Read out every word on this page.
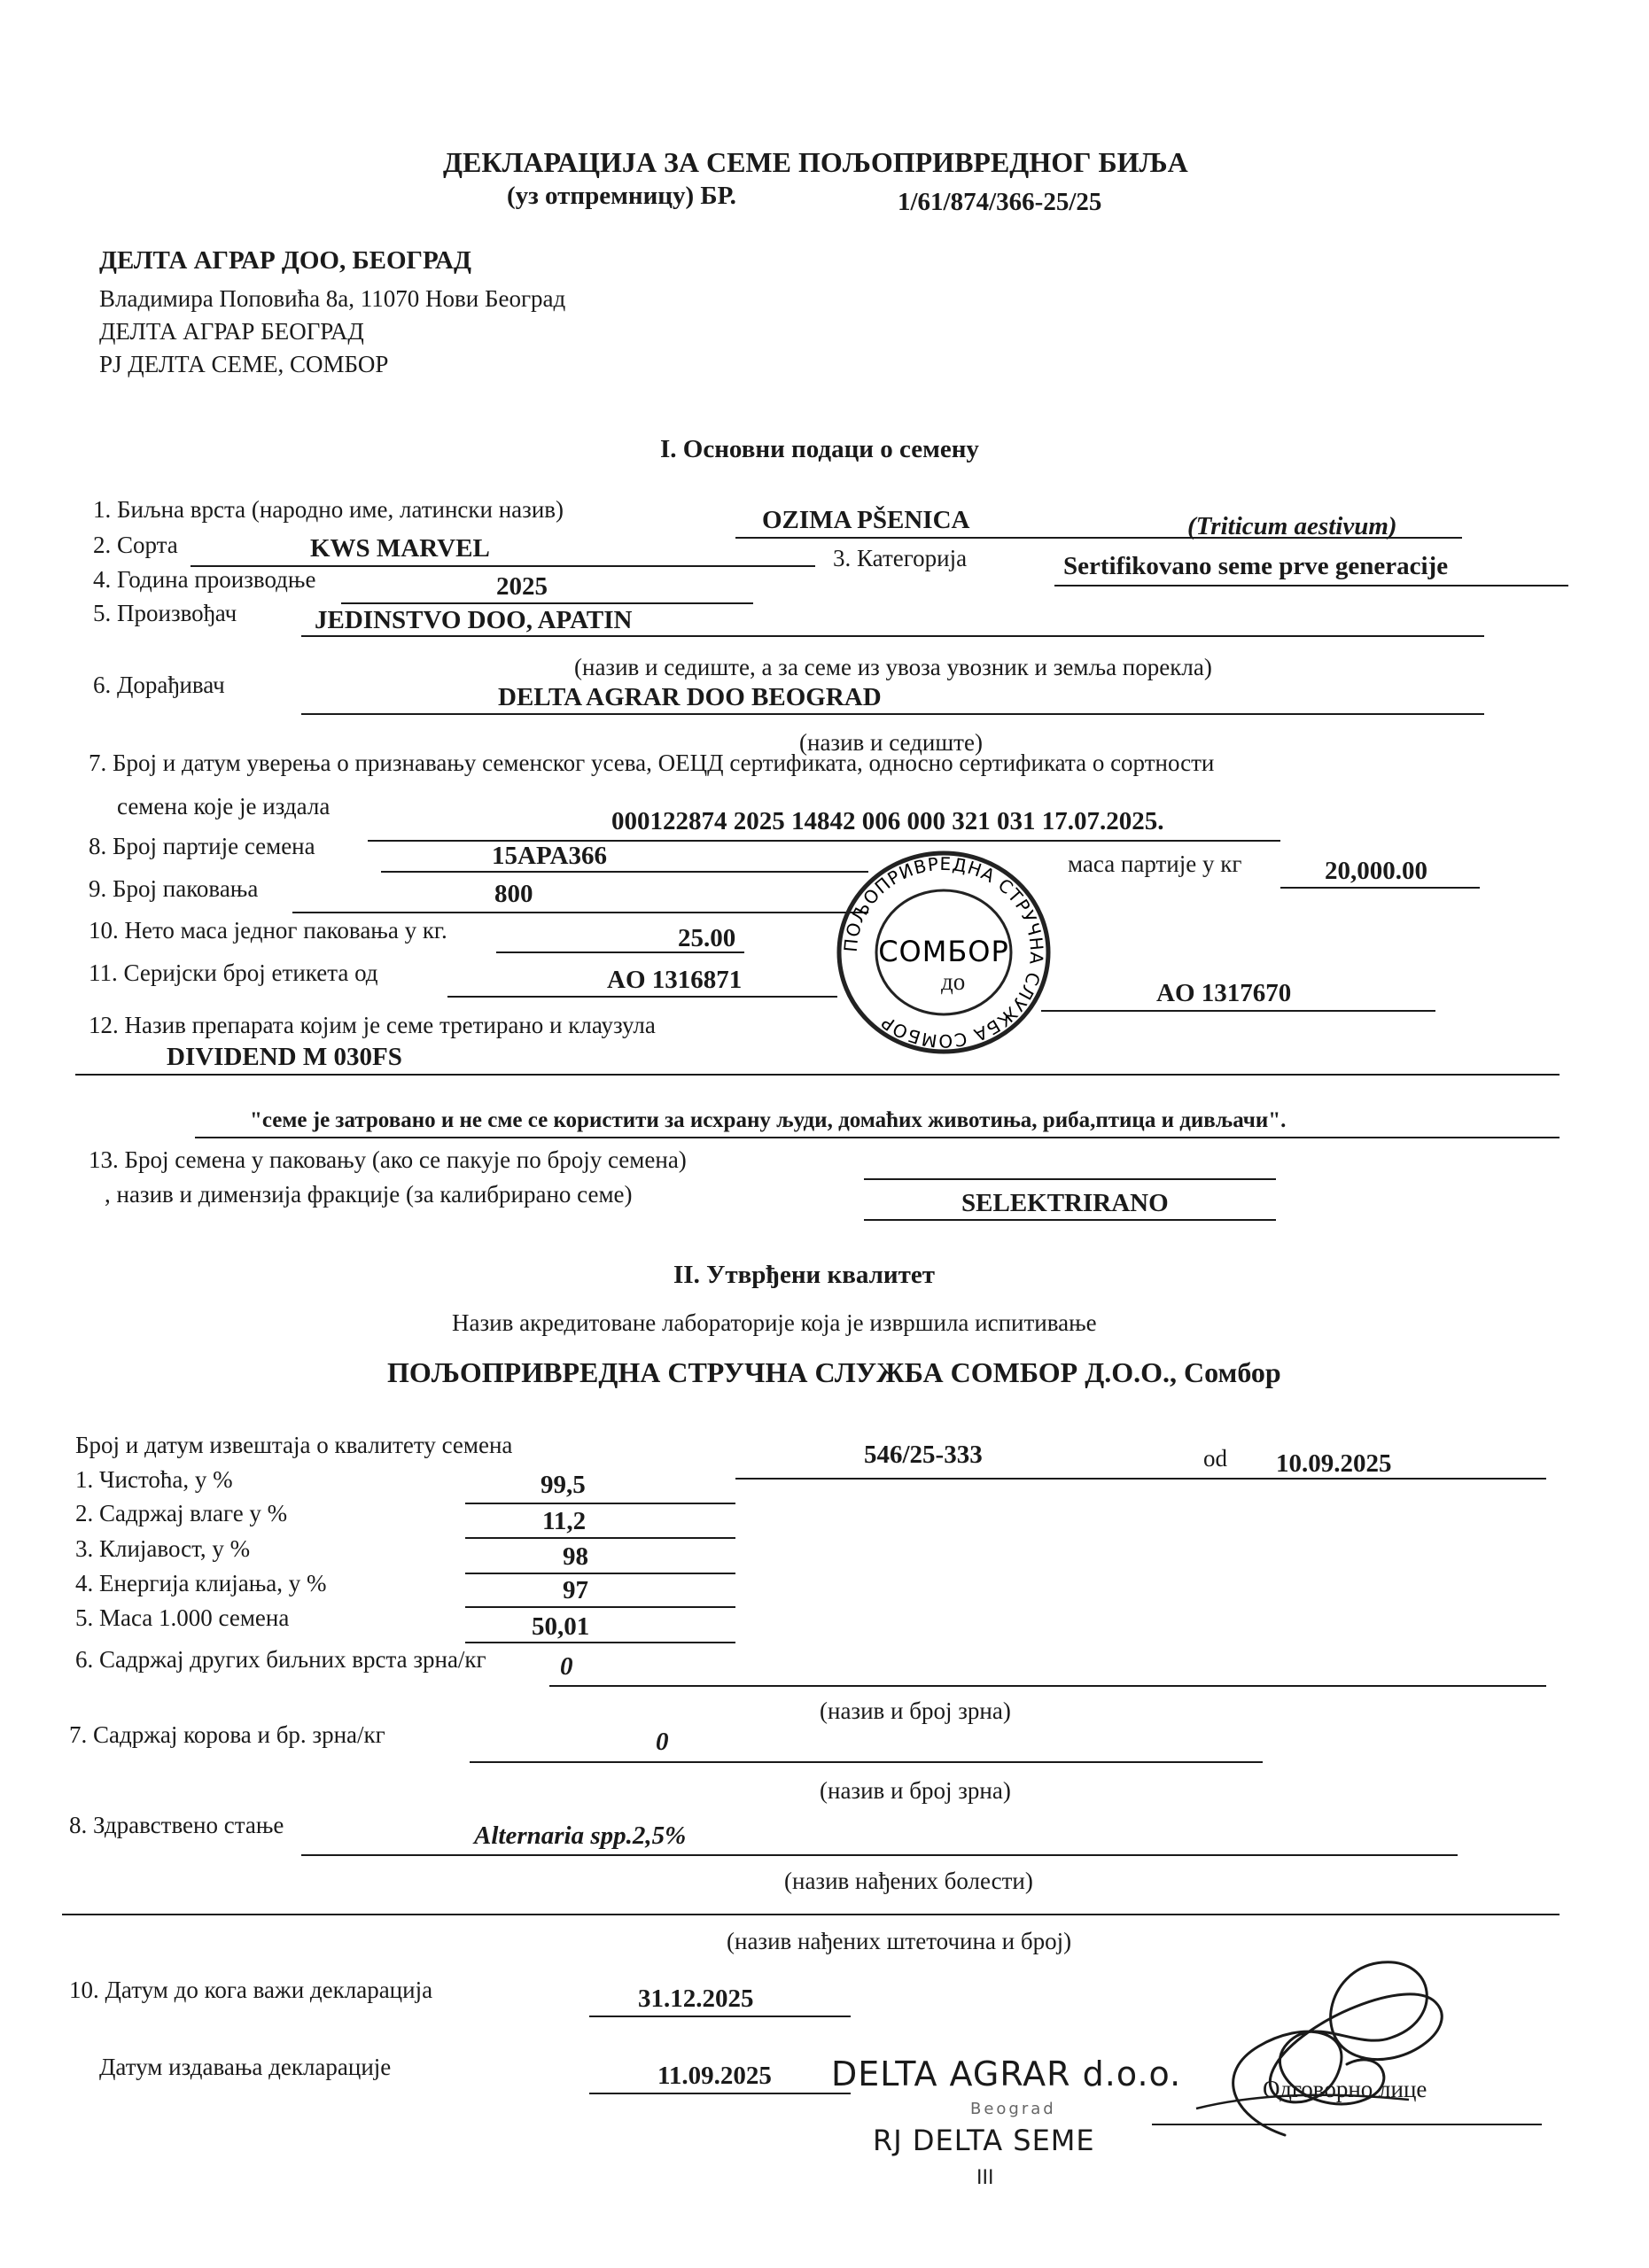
ДЕКЛАРАЦИЈА ЗА СЕМЕ ПОЉОПРИВРЕДНОГ БИЉА
(уз отпремницу) БР.	1/61/874/366-25/25
ДЕЛТА АГРАР ДОО, БЕОГРАД
Владимира Поповића 8а, 11070 Нови Београд
ДЕЛТА АГРАР БЕОГРАД
РЈ ДЕЛТА СЕМЕ, СОМБОР
I. Основни подаци о семену
1. Биљна врста (народно име, латински назив)	OZIMA PŠENICA	(Triticum aestivum)
2. Сорта	KWS MARVEL	3. Категорија	Sertifikovano seme prve generacije
4. Година производње	2025
5. Произвођач	JEDINSTVO DOO, APATIN
(назив и седиште, а за семе из увоза увозник и земља порекла)
6. Дорађивач	DELTA AGRAR DOO BEOGRAD
(назив и седиште)
7. Број и датум уверења о признавању семенског усева, ОЕЦД сертификата, односно сертификата о сортности
семена које је издала
000122874 2025 14842 006 000 321 031 17.07.2025.
8. Број партије семена	15APA366	маса партије у кг	20,000.00
9. Број паковања	800
10. Нето маса једног паковања у кг.	25.00
11. Серијски број етикета од	AO 1316871	до	AO 1317670
12. Назив препарата којим је семе третирано и клаузула
DIVIDEND M 030FS
"семе је затровано и не сме се користити за исхрану људи, домаћих животиња, риба,птица и дивљачи".
13. Број семена у паковању (ако се пакује по броју семена)
, назив и димензија фракције (за калибрирано семе)	SELEKTRIRANO
ПОЉОПРИВРЕДНА СТРУЧНА СЛУЖБА СОМБОР
СОМБОР
II. Утврђени квалитет
Назив акредитоване лабораторије која је извршила испитивање
ПОЉОПРИВРЕДНА СТРУЧНА СЛУЖБА СОМБОР Д.О.О., Сомбор
Број и датум извештаја о квалитету семена	546/25-333	od 10.09.2025
1. Чистоћа, у %	99,5
2. Садржај влаге у %	11,2
3. Клијавост, у %	98
4. Енергија клијања, у %	97
5. Маса 1.000 семена	50,01
6. Садржај других биљних врста зрна/кг	0
(назив и број зрна)
7. Садржај корова и бр. зрна/кг	0
(назив и број зрна)
8. Здравствено стање	Alternaria spp.2,5%
(назив нађених болести)
(назив нађених штеточина и број)
10. Датум до кога важи декларација	31.12.2025
Датум издавања декларације	11.09.2025 DELTA AGRAR d.o.o.
Beograd
RJ DELTA SEME
III
Одговорно лице
